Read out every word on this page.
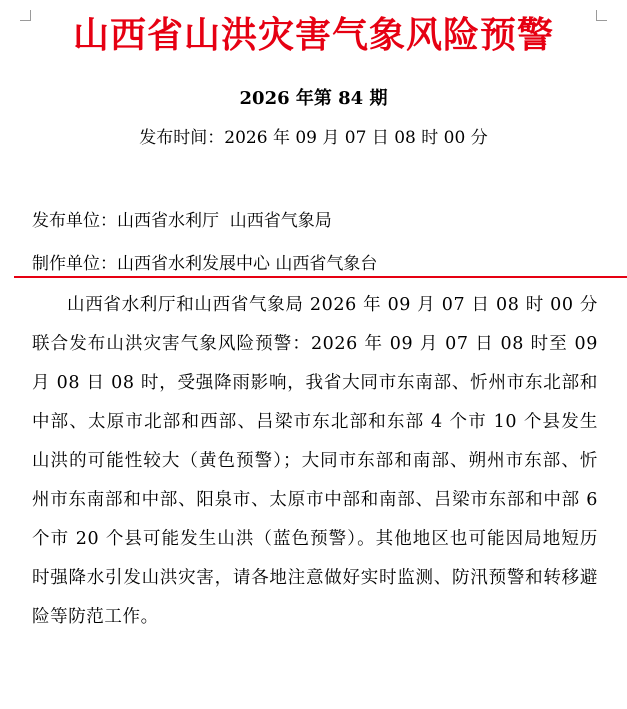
山西省山洪灾害气象风险预警
2026 年第 84 期
发布时间：2026 年 09 月 07 日 08 时 00 分
发布单位：山西省水利厅  山西省气象局
制作单位：山西省水利发展中心 山西省气象台

山西省水利厅和山西省气象局 2026 年 09 月 07 日 08 时 00 分联合发布山洪灾害气象风险预警：2026 年 09 月 07 日 08 时至 09 月 08 日 08 时，受强降雨影响，我省大同市东南部、忻州市东北部和中部、太原市北部和西部、吕梁市东北部和东部 4 个市 10 个县发生山洪的可能性较大（黄色预警）；大同市东部和南部、朔州市东部、忻州市东南部和中部、阳泉市、太原市中部和南部、吕梁市东部和中部 6 个市 20 个县可能发生山洪（蓝色预警）。其他地区也可能因局地短历时强降水引发山洪灾害，请各地注意做好实时监测、防汛预警和转移避险等防范工作。
